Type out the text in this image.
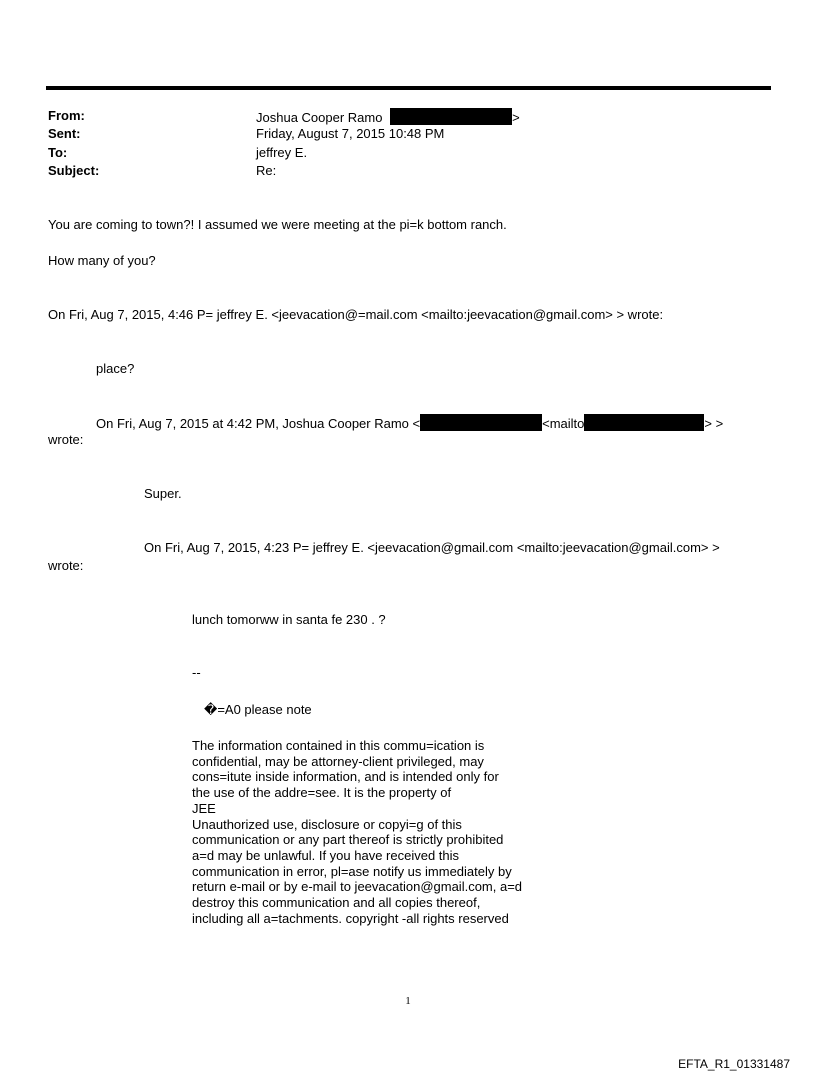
From:	Joshua Cooper Ramo	>
Sent:	Friday, August 7, 2015 10:48 PM
To:	jeffrey E.
Subject:	Re:
You are coming to town?! I assumed we were meeting at the pi=k bottom ranch.
How many of you?
On Fri, Aug 7, 2015, 4:46 P= jeffrey E. <jeevacation@=mail.com <mailto:jeevacation@gmail.com> > wrote:
place?
On Fri, Aug 7, 2015 at 4:42 PM, Joshua Cooper Ramo <	<mailto	> >
wrote:
Super.
On Fri, Aug 7, 2015, 4:23 P= jeffrey E. <jeevacation@gmail.com <mailto:jeevacation@gmail.com> >
wrote:
lunch tomorww in santa fe 230 . ?
--
�=A0 please note
The information contained in this commu=ication is
confidential, may be attorney-client privileged, may
cons=itute inside information, and is intended only for
the use of the addre=see. It is the property of
JEE
Unauthorized use, disclosure or copyi=g of this
communication or any part thereof is strictly prohibited
a=d may be unlawful. If you have received this
communication in error, pl=ase notify us immediately by
return e-mail or by e-mail to jeevacation@gmail.com, a=d
destroy this communication and all copies thereof,
including all a=tachments. copyright -all rights reserved
1
EFTA_R1_01331487
